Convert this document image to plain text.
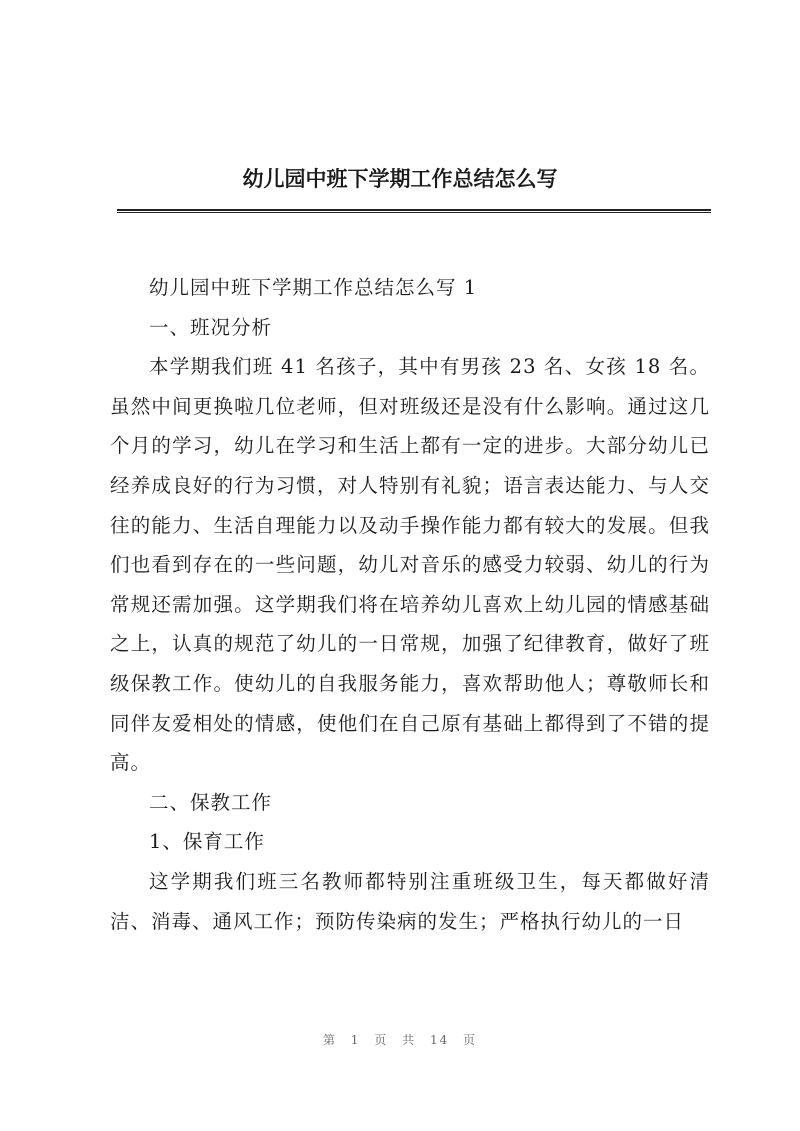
幼儿园中班下学期工作总结怎么写

幼儿园中班下学期工作总结怎么写 1

一、班况分析

本学期我们班 41 名孩子，其中有男孩 23 名、女孩 18 名。虽然中间更换啦几位老师，但对班级还是没有什么影响。通过这几个月的学习，幼儿在学习和生活上都有一定的进步。大部分幼儿已经养成良好的行为习惯，对人特别有礼貌；语言表达能力、与人交往的能力、生活自理能力以及动手操作能力都有较大的发展。但我们也看到存在的一些问题，幼儿对音乐的感受力较弱、幼儿的行为常规还需加强。这学期我们将在培养幼儿喜欢上幼儿园的情感基础之上，认真的规范了幼儿的一日常规，加强了纪律教育，做好了班级保教工作。使幼儿的自我服务能力，喜欢帮助他人；尊敬师长和同伴友爱相处的情感，使他们在自己原有基础上都得到了不错的提高。

二、保教工作

1、保育工作

这学期我们班三名教师都特别注重班级卫生，每天都做好清洁、消毒、通风工作；预防传染病的发生；严格执行幼儿的一日

第 1 页 共 14 页
